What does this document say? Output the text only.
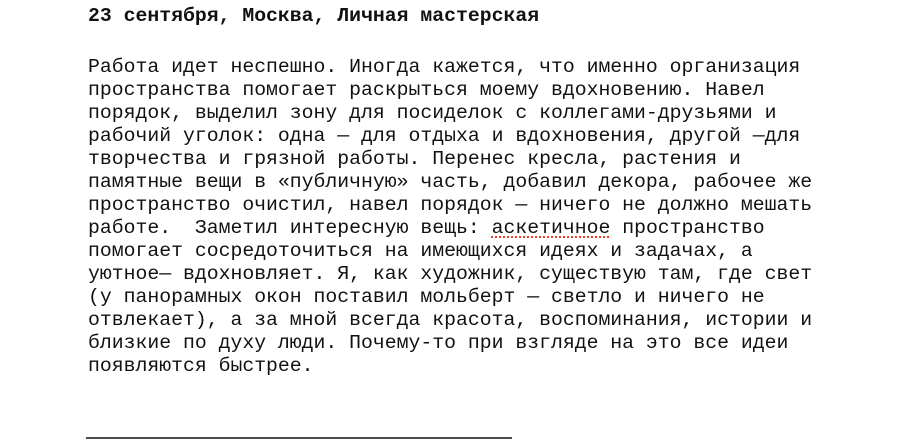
23 сентября, Москва, Личная мастерская
Работа идет неспешно. Иногда кажется, что именно организация
пространства помогает раскрыться моему вдохновению. Навел
порядок, выделил зону для посиделок с коллегами-друзьями и
рабочий уголок: одна — для отдыха и вдохновения, другой —для
творчества и грязной работы. Перенес кресла, растения и
памятные вещи в «публичную» часть, добавил декора, рабочее же
пространство очистил, навел порядок — ничего не должно мешать
работе.  Заметил интересную вещь: аскетичное пространство
помогает сосредоточиться на имеющихся идеях и задачах, а
уютное— вдохновляет. Я, как художник, существую там, где свет
(у панорамных окон поставил мольберт — светло и ничего не
отвлекает), а за мной всегда красота, воспоминания, истории и
близкие по духу люди. Почему-то при взгляде на это все идеи
появляются быстрее.
